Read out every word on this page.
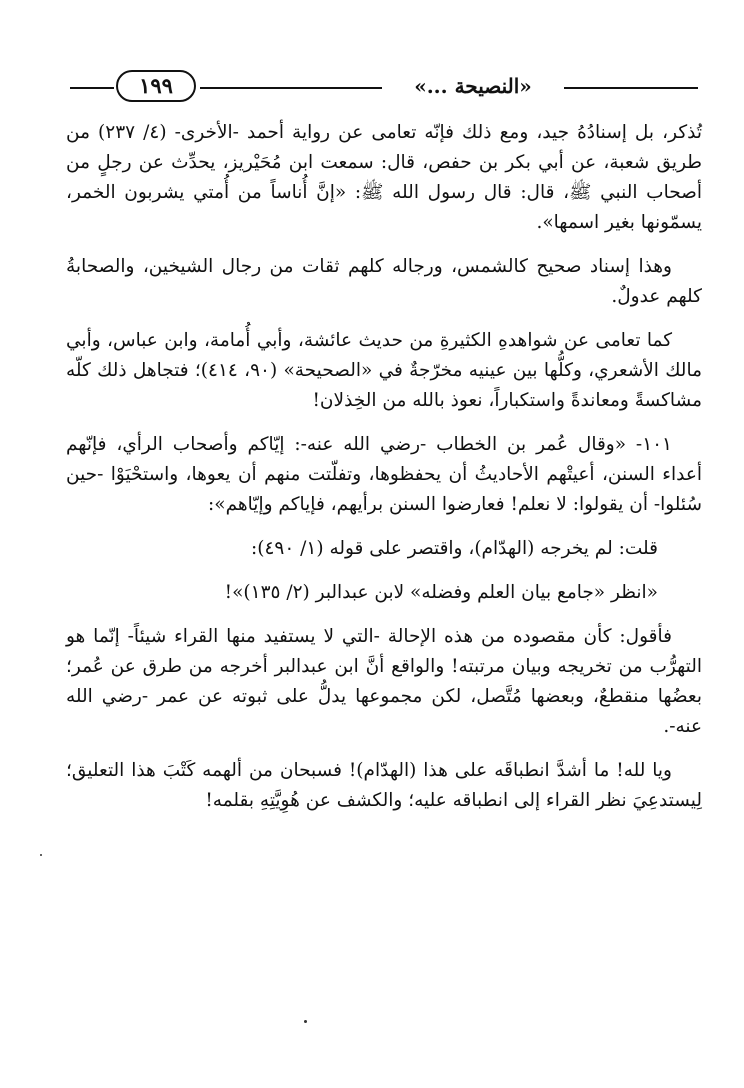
١٩٩	«النصيحة ...»

تُذكر، بل إسنادُهُ جيد، ومع ذلك فإنّه تعامى عن رواية أحمد -الأخرى- (٤/ ٢٣٧) من طريق شعبة، عن أبي بكر بن حفص، قال: سمعت ابن مُحَيْريز، يحدِّث عن رجلٍ من أصحاب النبي ﷺ، قال: قال رسول الله ﷺ: «إنَّ أُناساً من أُمتي يشربون الخمر، يسمّونها بغير اسمها».

وهذا إسناد صحيح كالشمس، ورجاله كلهم ثقات من رجال الشيخين، والصحابةُ كلهم عدولٌ.

كما تعامى عن شواهدهِ الكثيرةِ من حديث عائشة، وأبي أُمامة، وابن عباس، وأبي مالك الأشعري، وكلُّها بين عينيه مخرّجةٌ في «الصحيحة» (٩٠، ٤١٤)؛ فتجاهل ذلك كلّه مشاكسةً ومعاندةً واستكباراً، نعوذ بالله من الخِذلان!

١٠١- «وقال عُمر بن الخطاب -رضي الله عنه-: إيّاكم وأصحاب الرأي، فإنّهم أعداء السنن، أعيتْهم الأحاديثُ أن يحفظوها، وتفلّتت منهم أن يعوها، واستحْيَوْا -حين سُئلوا- أن يقولوا: لا نعلم! فعارضوا السنن برأيهم، فإياكم وإيّاهم»:

قلت: لم يخرجه (الهدّام)، واقتصر على قوله (١/ ٤٩٠):

«انظر «جامع بيان العلم وفضله» لابن عبدالبر (٢/ ١٣٥)»!

فأقول: كأن مقصوده من هذه الإحالة -التي لا يستفيد منها القراء شيئاً- إنّما هو التهرُّب من تخريجه وبيان مرتبته! والواقع أنَّ ابن عبدالبر أخرجه من طرق عن عُمر؛ بعضُها منقطعٌ، وبعضها مُتَّصل، لكن مجموعها يدلُّ على ثبوته عن عمر -رضي الله عنه-.

ويا لله! ما أشدَّ انطباقَه على هذا (الهدّام)! فسبحان من ألهمه كَتْبَ هذا التعليق؛ لِيستدعِيَ نظر القراء إلى انطباقه عليه؛ والكشف عن هُوِيَّتِهِ بقلمه!
